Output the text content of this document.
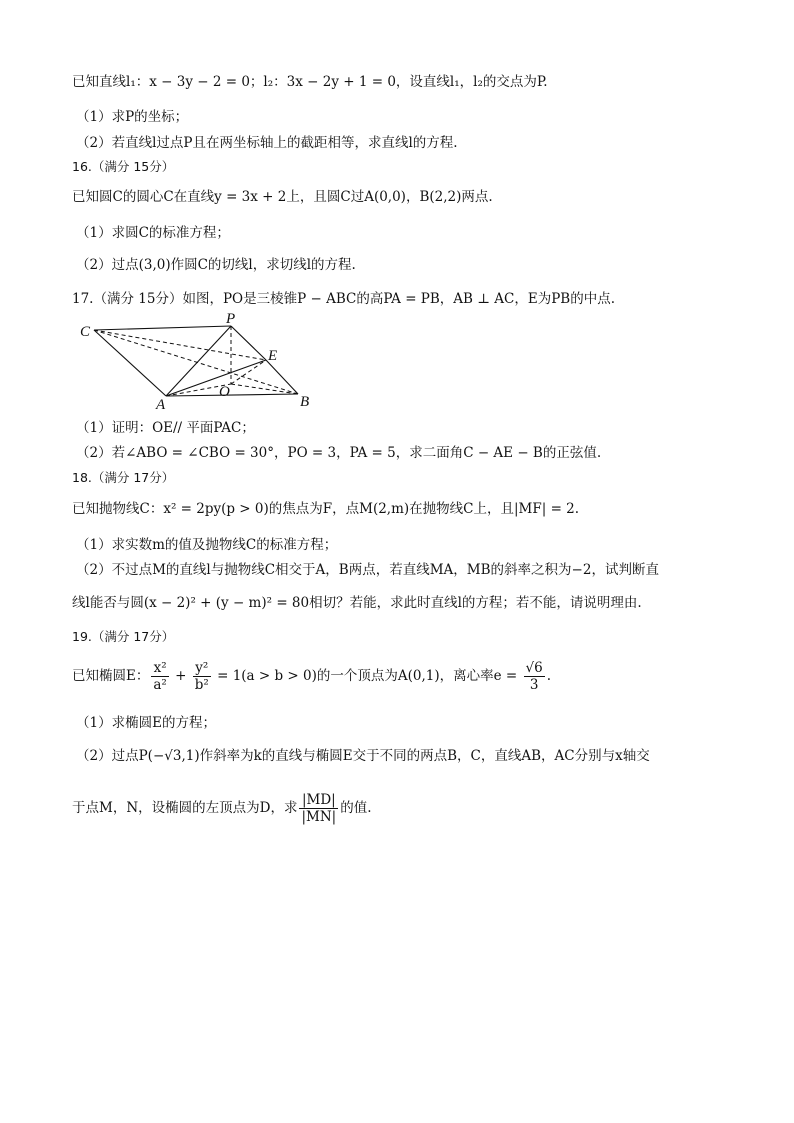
已知直线l₁：x − 3y − 2 = 0；l₂：3x − 2y + 1 = 0，设直线l₁，l₂的交点为P.
（1）求P的坐标；
（2）若直线l过点P且在两坐标轴上的截距相等，求直线l的方程.
16.（满分 15分）
已知圆C的圆心C在直线y = 3x + 2上，且圆C过A(0,0)，B(2,2)两点.
（1）求圆C的标准方程；
（2）过点(3,0)作圆C的切线l，求切线l的方程.
17.（满分 15分）如图，PO是三棱锥P − ABC的高PA = PB，AB ⊥ AC，E为PB的中点.
C
P
E
O
A	B
（1）证明：OE// 平面PAC；
（2）若∠ABO = ∠CBO = 30°，PO = 3，PA = 5，求二面角C − AE − B的正弦值.
18.（满分 17分）
已知抛物线C：x² = 2py(p > 0)的焦点为F，点M(2,m)在抛物线C上，且|MF| = 2.
（1）求实数m的值及抛物线C的标准方程；
（2）不过点M的直线l与抛物线C相交于A，B两点，若直线MA，MB的斜率之积为−2，试判断直
线l能否与圆(x − 2)² + (y − m)² = 80相切？若能，求此时直线l的方程；若不能，请说明理由.
19.（满分 17分）
已知椭圆E： $\frac{\text{x²}}{\text{a²}} + \frac{\text{y²}}{\text{b²}} = 1(a > b > 0)$的一个顶点为A(0,1)，离心率$e = \frac{√6}{3}$ .
（1）求椭圆E的方程；
（2）过点P(−√3,1)作斜率为k的直线与椭圆E交于不同的两点B，C，直线AB，AC分别与x轴交
于点M，N，设椭圆的左顶点为D，求 $\frac{|MD|}{|MN|}$ 的值.
